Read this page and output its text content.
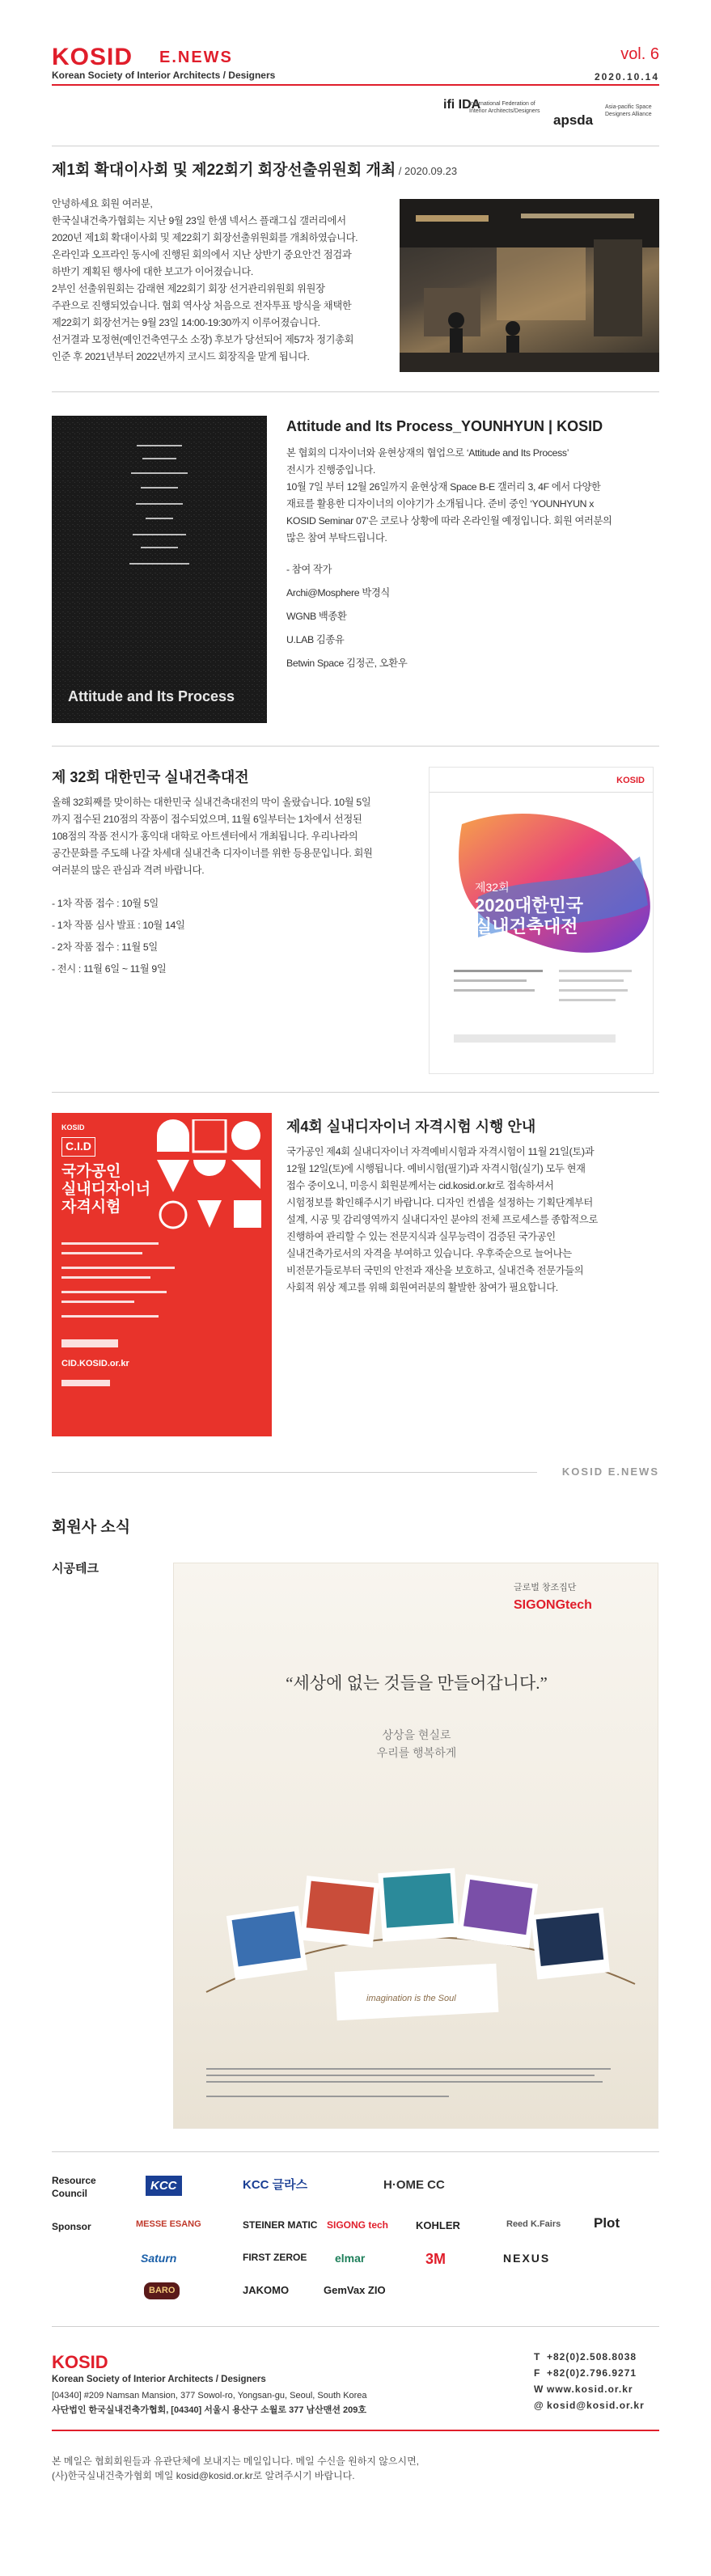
KOSID E.NEWS
Korean Society of Interior Architects / Designers
vol. 6
2020.10.14
ifi IDA
International Federation of Interior Architects/Designers
apsda
Asia-pacific Space Designers Alliance
제1회 확대이사회 및 제22회기 회장선출위원회 개최 / 2020.09.23

안녕하세요 회원 여러분,

한국실내건축가협회는 지난 9월 23일 한샘 넥서스 플래그십 갤러리에서

2020년 제1회 확대이사회 및 제22회기 회장선출위원회를 개최하였습니다.

온라인과 오프라인 동시에 진행된 회의에서 지난 상반기 중요안건 점검과

하반기 계획된 행사에 대한 보고가 이어졌습니다.

2부인 선출위원회는 감래현 제22회기 회장 선거관리위원회 위원장

주관으로 진행되었습니다. 협회 역사상 처음으로 전자투표 방식을 채택한

제22회기 회장선거는 9월 23일 14:00-19:30까지 이루어졌습니다.

선거결과 모정현(예인건축연구소 소장) 후보가 당선되어 제57차 정기총회

인준 후 2021년부터 2022년까지 코시드 회장직을 맡게 됩니다.

Attitude and Its Process
Attitude and Its Process_YOUNHYUN | KOSID

본 협회의 디자이너와 윤현상재의 협업으로 ‘Attitude and Its Process’

전시가 진행중입니다.

10월 7일 부터 12월 26일까지 윤현상재 Space B-E 갤러리 3, 4F 에서 다양한

재료를 활용한 디자이너의 이야기가 소개됩니다. 준비 중인 ‘YOUNHYUN x

KOSID Seminar 07’은 코로나 상황에 따라 온라인월 예정입니다. 회원 여러분의

많은 참여 부탁드립니다.

- 참여 작가

Archi@Mosphere 박경식

WGNB 백종환

U.LAB 김종유

Betwin Space 김정곤, 오환우

제 32회 대한민국 실내건축대전

올해 32회째를 맞이하는 대한민국 실내건축대전의 막이 올랐습니다. 10월 5일

까지 접수된 210점의 작품이 접수되었으며, 11월 6일부터는 1차에서 선정된

108점의 작품 전시가 홍익대 대학로 아트센터에서 개최됩니다. 우리나라의

공간문화를 주도해 나갈 차세대 실내건축 디자이너를 위한 등용문입니다. 회원

여러분의 많은 관심과 격려 바랍니다.

- 1차 작품 접수 : 10월 5일

- 1차 작품 심사 발표 : 10월 14일

- 2차 작품 접수 : 11월 5일

- 전시 : 11월 6일 ~ 11월 9일

KOSID
제32회
2020대한민국
실내건축대전
KOSID
C.I.D
국가공인
실내디자이너
자격시험
CID.KOSID.or.kr
제4회 실내디자이너 자격시험 시행 안내

국가공인 제4회 실내디자이너 자격예비시험과 자격시험이 11월 21일(토)과

12월 12일(토)에 시행됩니다. 예비시험(필기)과 자격시험(실기) 모두 현재

접수 중이오니, 미응시 회원분께서는 cid.kosid.or.kr로 접속하셔서

시험정보를 확인해주시기 바랍니다. 디자인 컨셉을 설정하는 기획단계부터

설계, 시공 및 감리영역까지 실내디자인 분야의 전체 프로세스를 종합적으로

진행하여 관리할 수 있는 전문지식과 실무능력이 검증된 국가공인

실내건축가로서의 자격을 부여하고 있습니다. 우후죽순으로 늘어나는

비전문가들로부터 국민의 안전과 재산을 보호하고, 실내건축 전문가들의

사회적 위상 제고를 위해 회원여러분의 활발한 참여가 필요합니다.

KOSID E.NEWS
회원사 소식
시공테크
글로벌 창조집단
SIGONGtech
“세상에 없는 것들을 만들어갑니다.”
상상을 현실로
우리를 행복하게
imagination is the Soul
Resource Council
KCC	KCC 글라스	H·OME CC
Sponsor	MESSE ESANG	STEINER MATIC SIGONG tech	KOHLER	Reed K.Fairs Plot
Saturn	FIRST ZEROE elmar	3M	NEXUS
BARO	JAKOMO	GemVax ZIO
KOSID
Korean Society of Interior Architects / Designers
[04340] #209 Namsan Mansion, 377 Sowol-ro, Yongsan-gu, Seoul, South Korea
사단법인 한국실내건축가협회, [04340] 서울시 용산구 소월로 377 남산맨션 209호
T +82(0)2.508.8038
F +82(0)2.796.9271
W www.kosid.or.kr
@ kosid@kosid.or.kr
본 메일은 협회회원들과 유관단체에 보내지는 메일입니다. 메일 수신을 원하지 않으시면,
(사)한국실내건축가협회 메일 kosid@kosid.or.kr로 알려주시기 바랍니다.
